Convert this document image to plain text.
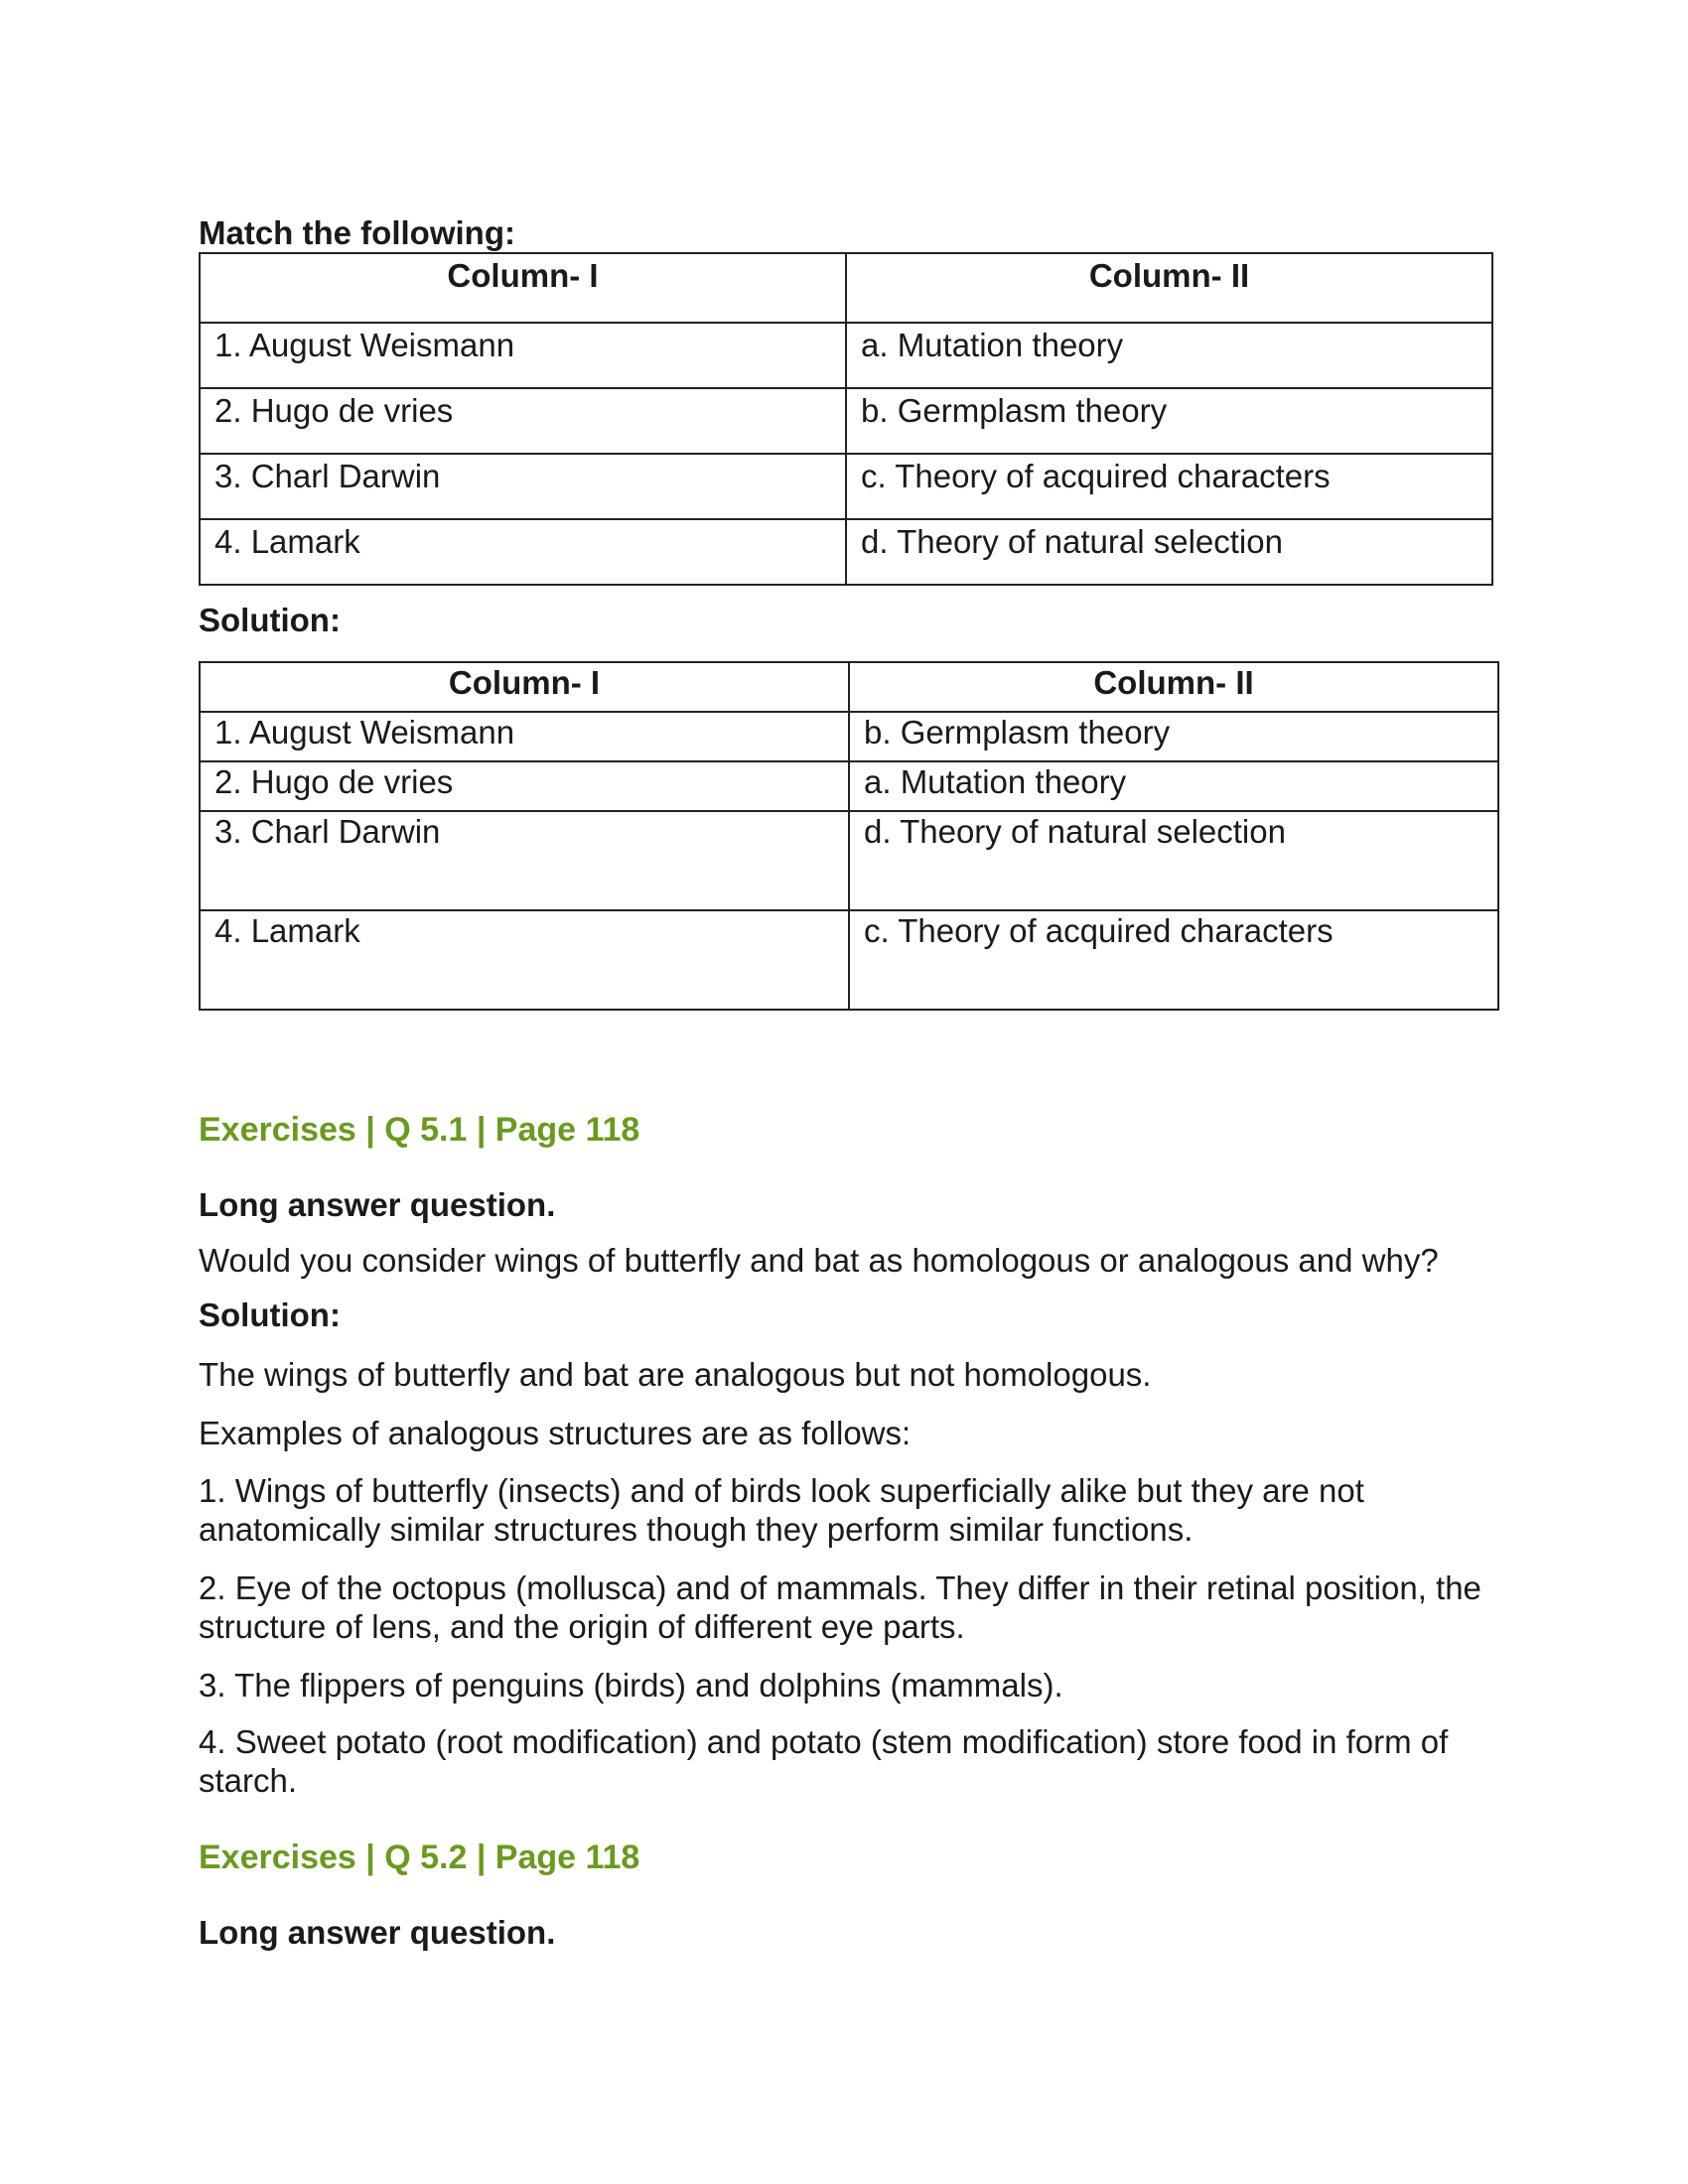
Match the following:
Column- I	Column- II
1. August Weismann	a. Mutation theory
2. Hugo de vries	b. Germplasm theory
3. Charl Darwin	c. Theory of acquired characters
4. Lamark	d. Theory of natural selection
Solution:
Column- I	Column- II
1. August Weismann	b. Germplasm theory
2. Hugo de vries	a. Mutation theory
3. Charl Darwin	d. Theory of natural selection
4. Lamark	c. Theory of acquired characters
Exercises | Q 5.1 | Page 118
Long answer question.
Would you consider wings of butterfly and bat as homologous or analogous and why?
Solution:
The wings of butterfly and bat are analogous but not homologous.
Examples of analogous structures are as follows:
1. Wings of butterfly (insects) and of birds look superficially alike but they are not anatomically similar structures though they perform similar functions.
2. Eye of the octopus (mollusca) and of mammals. They differ in their retinal position, the structure of lens, and the origin of different eye parts.
3. The flippers of penguins (birds) and dolphins (mammals).
4. Sweet potato (root modification) and potato (stem modification) store food in form of starch.
Exercises | Q 5.2 | Page 118
Long answer question.
